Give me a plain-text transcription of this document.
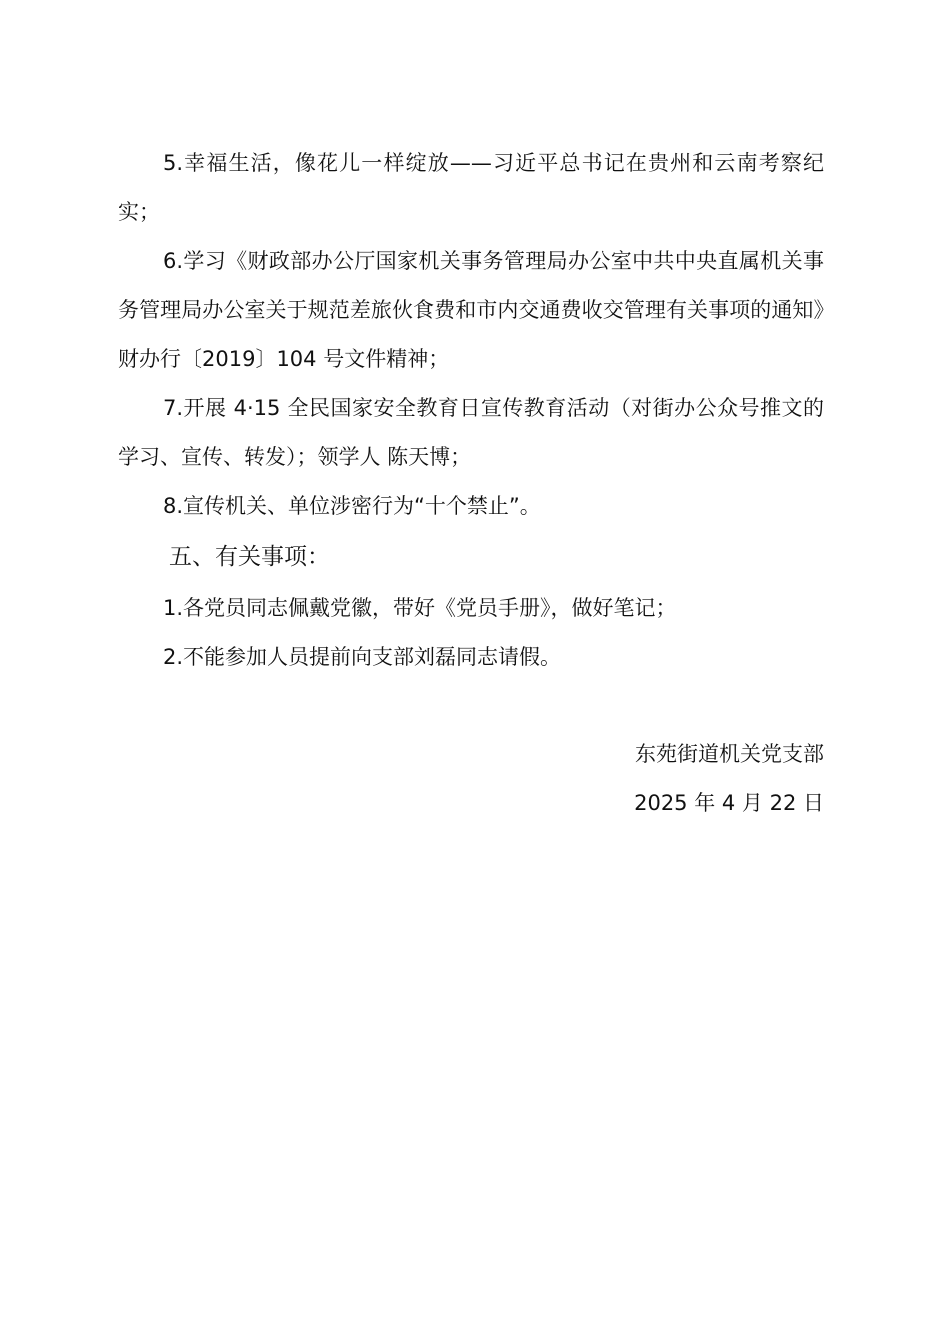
5.幸福生活，像花儿一样绽放——习近平总书记在贵州和云南考察纪实；

6.学习《财政部办公厅国家机关事务管理局办公室中共中央直属机关事务管理局办公室关于规范差旅伙食费和市内交通费收交管理有关事项的通知》财办行〔2019〕104 号文件精神；

7.开展 4·15 全民国家安全教育日宣传教育活动（对街办公众号推文的学习、宣传、转发）；领学人 陈天博；

8.宣传机关、单位涉密行为“十个禁止”。

五、有关事项：

1.各党员同志佩戴党徽，带好《党员手册》，做好笔记；

2.不能参加人员提前向支部刘磊同志请假。

东苑街道机关党支部

2025 年 4 月 22 日
